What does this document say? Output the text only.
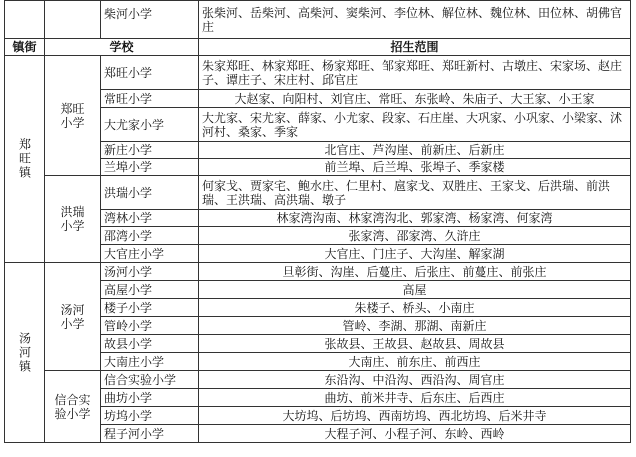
		柴河小学	张柴河、岳柴河、高柴河、窦柴河、李位林、解位林、魏位林、田位林、胡佛官庄
镇街	学校		招生范围
郑旺镇	郑旺小学	郑旺小学	朱家郑旺、林家郑旺、杨家郑旺、邹家郑旺、郑旺新村、古墩庄、宋家场、赵庄子、谭庄子、宋庄村、邱官庄
		常旺小学	大赵家、向阳村、刘官庄、常旺、东张岭、朱庙子、大王家、小王家
		大尤家小学	大尤家、宋尤家、薛家、小尤家、段家、石庄崖、大巩家、小巩家、小梁家、沭河村、桑家、季家

		新庄小学	北官庄、芦沟崖、前新庄、后新庄
		兰埠小学	前兰埠、后兰埠、张埠子、季家楼
	洪瑞小学	洪瑞小学	何家戈、贾家宅、鲍水庄、仁里村、扈家戈、双胜庄、王家戈、后洪瑞、前洪瑞、王洪瑞、高洪瑞、墩子
		湾林小学	林家湾沟南、林家湾沟北、郭家湾、杨家湾、何家湾
		邵湾小学	张家湾、邵家湾、久浒庄
		大官庄小学	大官庄、门庄子、大沟崖、解家湖

汤河镇	汤河小学	汤河小学	旦彰街、沟崖、后蔓庄、后张庄、前蔓庄、前张庄
		高屋小学	高屋
		楼子小学	朱楼子、桥头、小南庄
		管岭小学	管岭、李湖、那湖、南新庄
		故县小学	张故县、王故县、赵故县、周故县
		大南庄小学	大南庄、前东庄、前西庄
	信合实验小学	信合实验小学	东沿沟、中沿沟、西沿沟、周官庄
		曲坊小学	曲坊、前米井寺、后东庄、后西庄
		坊坞小学	大坊坞、后坊坞、西南坊坞、西北坊坞、后米井寺
		程子河小学	大程子河、小程子河、东岭、西岭
